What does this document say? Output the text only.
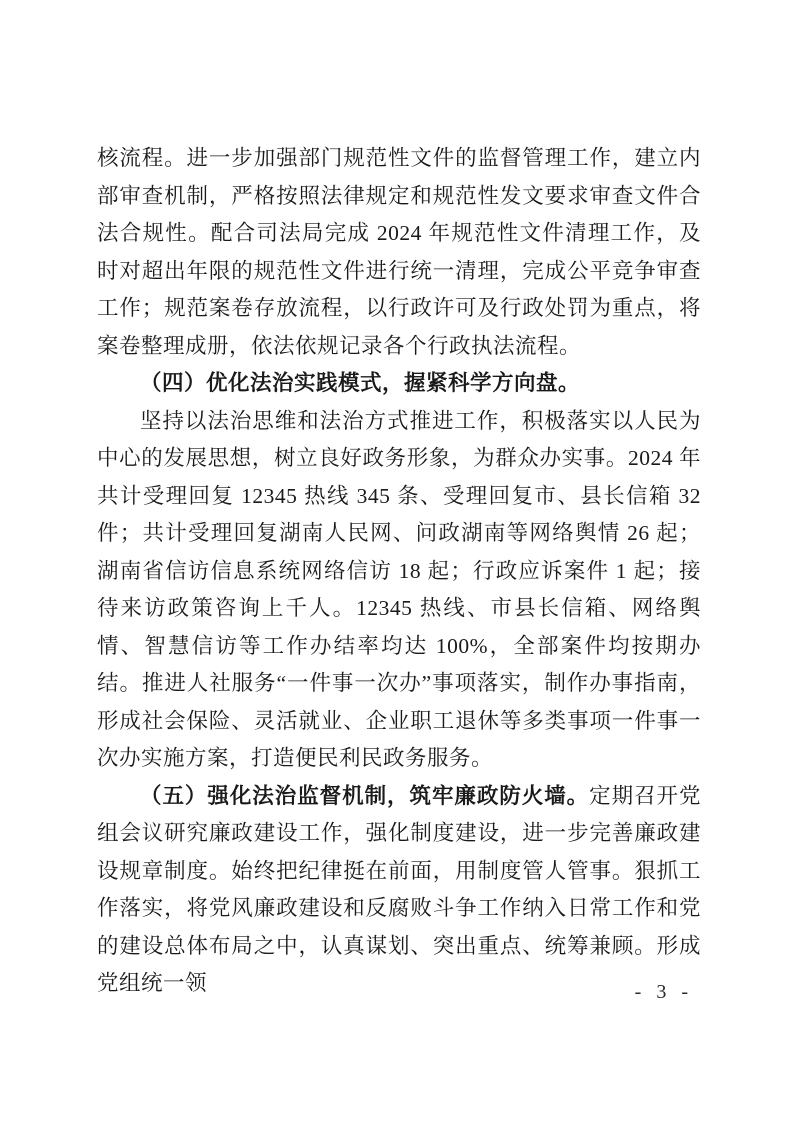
核流程。进一步加强部门规范性文件的监督管理工作，建立内部审查机制，严格按照法律规定和规范性发文要求审查文件合法合规性。配合司法局完成 2024 年规范性文件清理工作，及时对超出年限的规范性文件进行统一清理，完成公平竞争审查工作；规范案卷存放流程，以行政许可及行政处罚为重点，将案卷整理成册，依法依规记录各个行政执法流程。

（四）优化法治实践模式，握紧科学方向盘。

坚持以法治思维和法治方式推进工作，积极落实以人民为中心的发展思想，树立良好政务形象，为群众办实事。2024 年共计受理回复 12345 热线 345 条、受理回复市、县长信箱 32 件；共计受理回复湖南人民网、问政湖南等网络舆情 26 起；湖南省信访信息系统网络信访 18 起；行政应诉案件 1 起；接待来访政策咨询上千人。12345 热线、市县长信箱、网络舆情、智慧信访等工作办结率均达 100%，全部案件均按期办结。推进人社服务“一件事一次办”事项落实，制作办事指南，形成社会保险、灵活就业、企业职工退休等多类事项一件事一次办实施方案，打造便民利民政务服务。

（五）强化法治监督机制，筑牢廉政防火墙。定期召开党组会议研究廉政建设工作，强化制度建设，进一步完善廉政建设规章制度。始终把纪律挺在前面，用制度管人管事。狠抓工作落实，将党风廉政建设和反腐败斗争工作纳入日常工作和党的建设总体布局之中，认真谋划、突出重点、统筹兼顾。形成党组统一领	- 3 -
